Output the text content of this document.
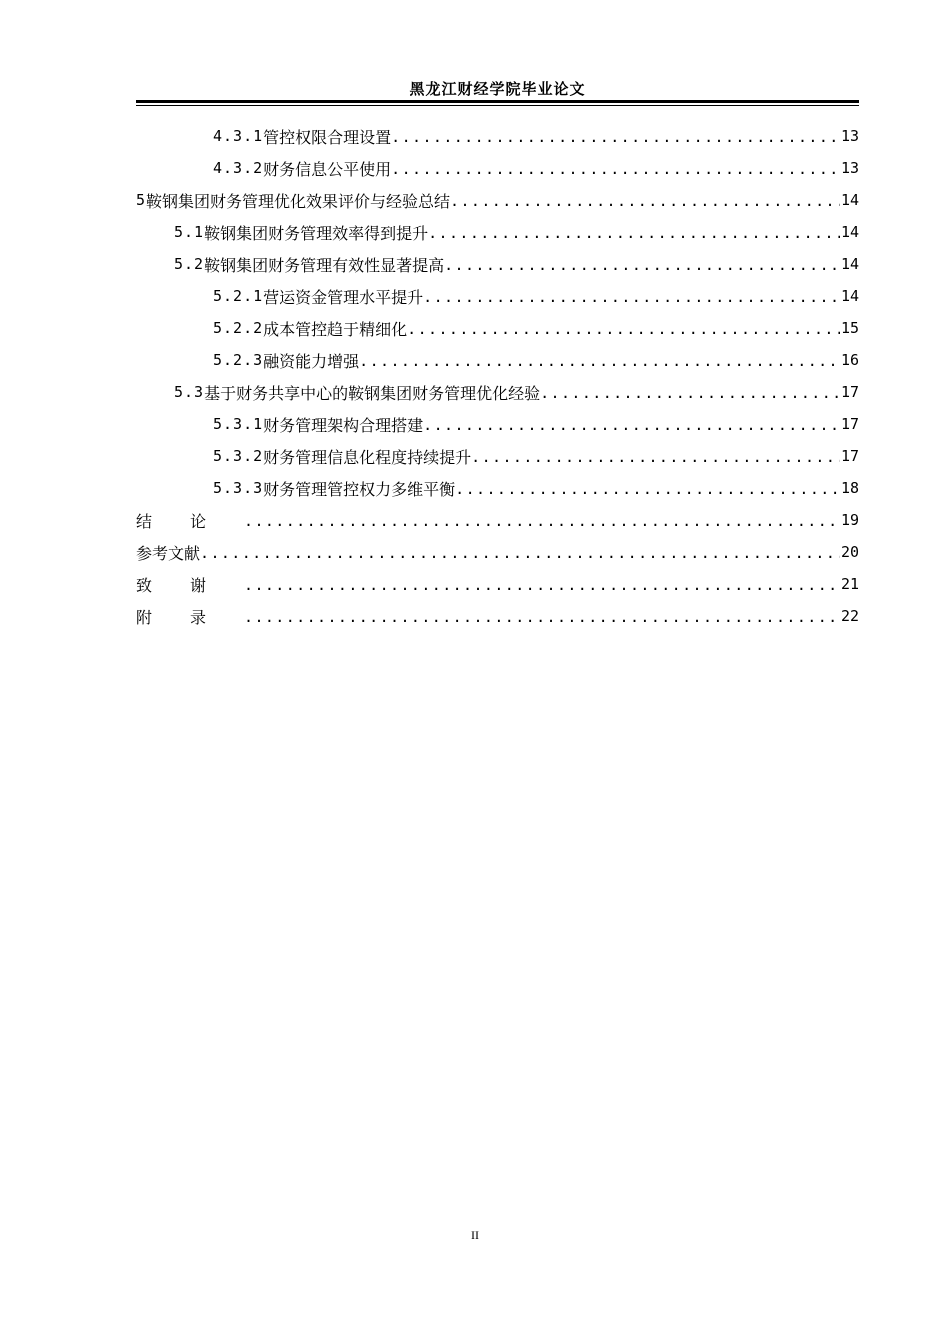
黑龙江财经学院毕业论文
4.3.1 管控权限合理设置 .....	13
4.3.2 财务信息公平使用 .....	13
5 鞍钢集团财务管理优化效果评价与经验总结 .....	14
5.1 鞍钢集团财务管理效率得到提升 .....	14
5.2 鞍钢集团财务管理有效性显著提高 .....	14
5.2.1 营运资金管理水平提升 .....	14
5.2.2 成本管控趋于精细化 .....	15
5.2.3 融资能力增强 .....	16
5.3 基于财务共享中心的鞍钢集团财务管理优化经验 .....	17
5.3.1 财务管理架构合理搭建 .....	17
5.3.2 财务管理信息化程度持续提升 .....	17
5.3.3 财务管理管控权力多维平衡 .....	18
结论 .....	19
参考文献 .....	20
致谢 .....	21
附录 .....	22
II
